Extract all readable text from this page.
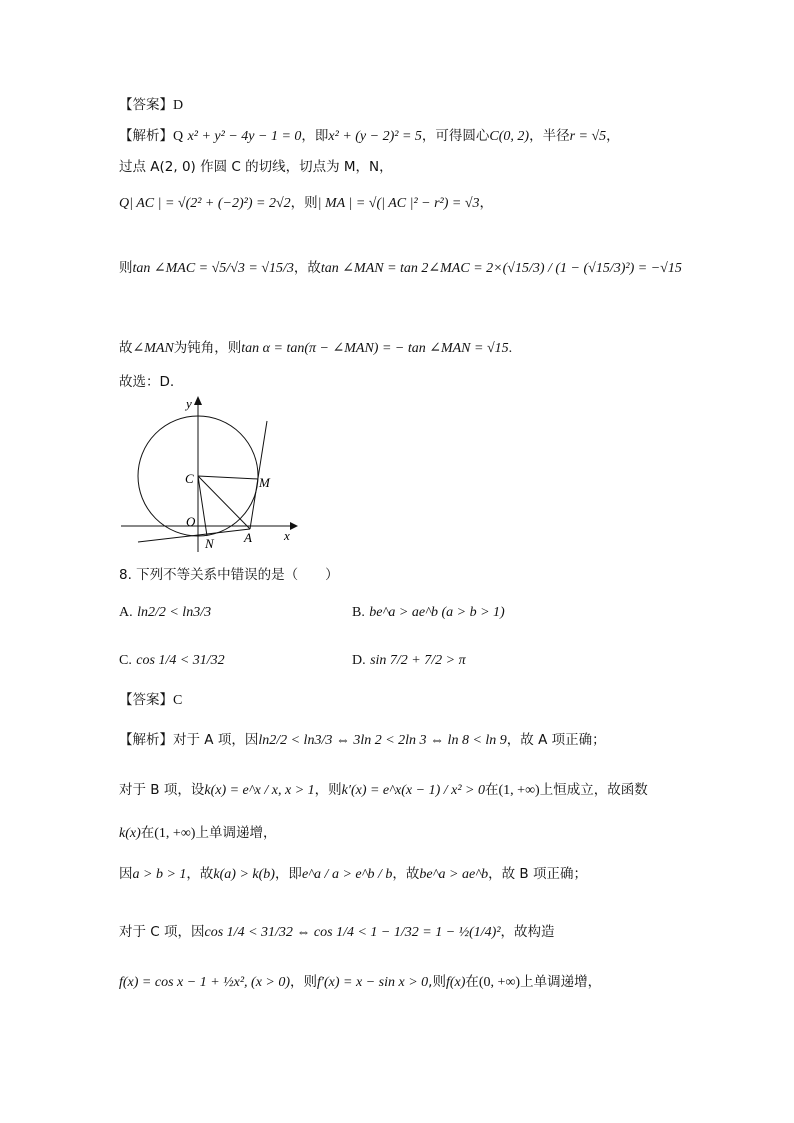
【答案】D
【解析】Q x² + y² − 4y − 1 = 0，即x² + (y − 2)² = 5，可得圆心C(0, 2)，半径r = √5，
过点 A(2, 0) 作圆 C 的切线，切点为 M，N，
Q| AC | = √(2² + (−2)²) = 2√2，则| MA | = √(| AC |² − r²) = √3，
则tan ∠MAC = √5/√3 = √15/3，故tan ∠MAN = tan 2∠MAC = 2×(√15/3) / (1 − (√15/3)²) = −√15
故∠MAN为钝角，则tan α = tan(π − ∠MAN) = − tan ∠MAN = √15.
故选：D.
y
x
C	M
O
N A
8. 下列不等关系中错误的是（　　）
A. ln2/2 < ln3/3	B. be^a > ae^b (a > b > 1)
C. cos 1/4 < 31/32	D. sin 7/2 + 7/2 > π
【答案】C
【解析】对于 A 项，因ln2/2 < ln3/3 ⇔ 3ln 2 < 2ln 3 ⇔ ln 8 < ln 9，故 A 项正确；
对于 B 项，设k(x) = e^x / x, x > 1，则k′(x) = e^x(x − 1) / x² > 0在(1, +∞)上恒成立，故函数
k(x)在(1, +∞)上单调递增，
因a > b > 1，故k(a) > k(b)，即e^a / a > e^b / b，故be^a > ae^b，故 B 项正确；
对于 C 项，因cos 1/4 < 31/32 ⇔ cos 1/4 < 1 − 1/32 = 1 − ½(1/4)²，故构造
f(x) = cos x − 1 + ½x², (x > 0)，则f′(x) = x − sin x > 0,则f(x)在(0, +∞)上单调递增，
